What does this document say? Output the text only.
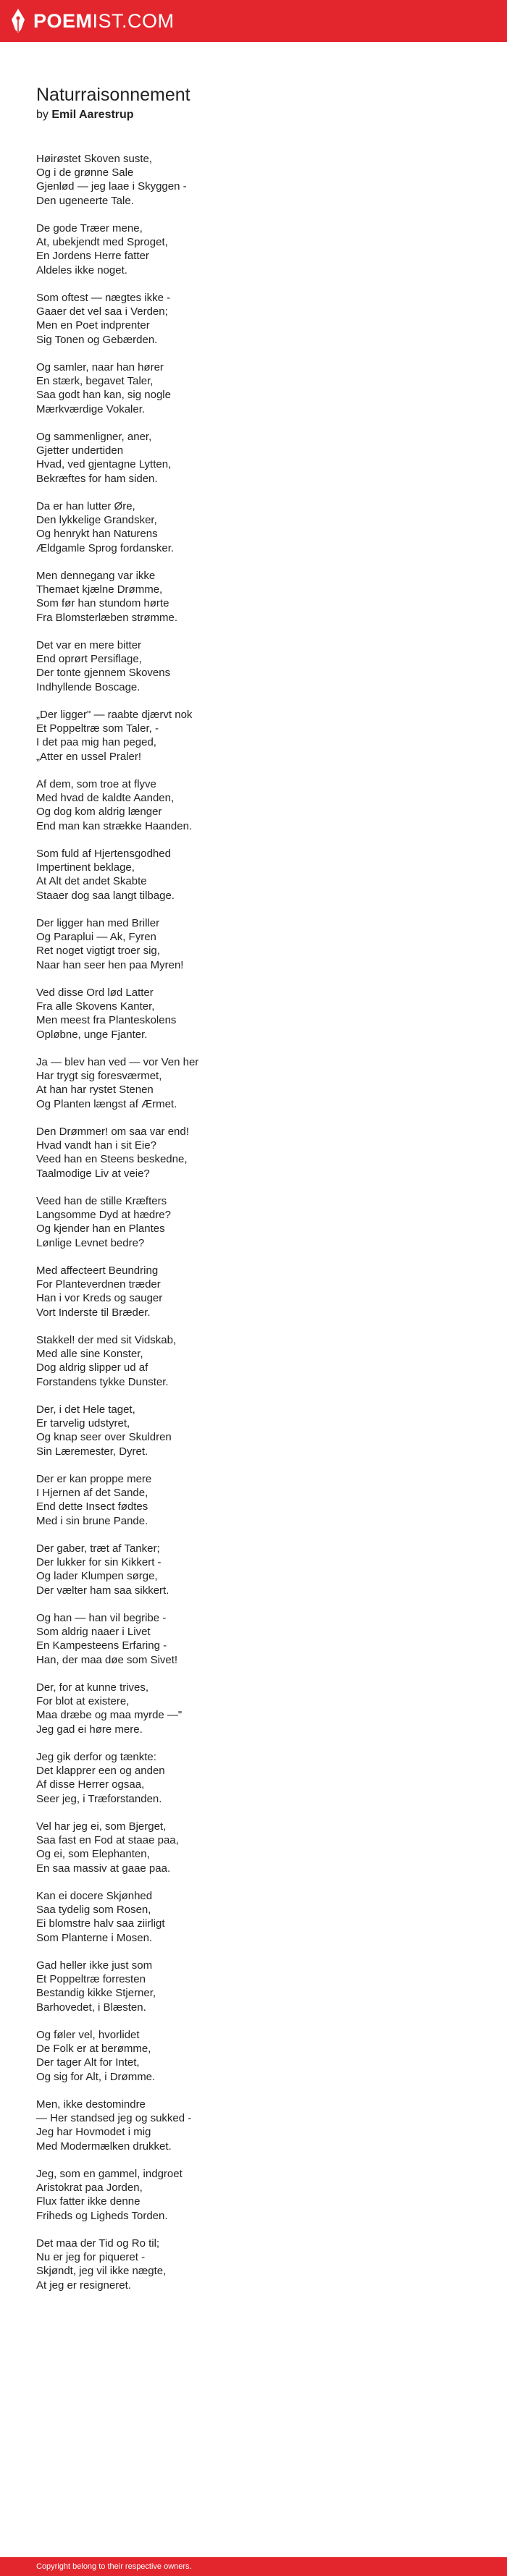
POEMIST.COM
Naturraisonnement
by Emil Aarestrup
Høirøstet Skoven suste,
Og i de grønne Sale
Gjenlød — jeg laae i Skyggen -
Den ugeneerte Tale.
De gode Træer mene,
At, ubekjendt med Sproget,
En Jordens Herre fatter
Aldeles ikke noget.
Som oftest — nægtes ikke -
Gaaer det vel saa i Verden;
Men en Poet indprenter
Sig Tonen og Gebærden.
Og samler, naar han hører
En stærk, begavet Taler,
Saa godt han kan, sig nogle
Mærkværdige Vokaler.
Og sammenligner, aner,
Gjetter undertiden
Hvad, ved gjentagne Lytten,
Bekræftes for ham siden.
Da er han lutter Øre,
Den lykkelige Grandsker,
Og henrykt han Naturens
Ældgamle Sprog fordansker.
Men dennegang var ikke
Themaet kjælne Drømme,
Som før han stundom hørte
Fra Blomsterlæben strømme.
Det var en mere bitter
End oprørt Persiflage,
Der tonte gjennem Skovens
Indhyllende Boscage.
„Der ligger" — raabte djærvt nok
Et Poppeltræ som Taler, -
I det paa mig han peged,
„Atter en ussel Praler!
Af dem, som troe at flyve
Med hvad de kaldte Aanden,
Og dog kom aldrig længer
End man kan strække Haanden.
Som fuld af Hjertensgodhed
Impertinent beklage,
At Alt det andet Skabte
Staaer dog saa langt tilbage.
Der ligger han med Briller
Og Paraplui — Ak, Fyren
Ret noget vigtigt troer sig,
Naar han seer hen paa Myren!
Ved disse Ord lød Latter
Fra alle Skovens Kanter,
Men meest fra Planteskolens
Opløbne, unge Fjanter.
Ja — blev han ved — vor Ven her
Har trygt sig foresværmet,
At han har rystet Stenen
Og Planten længst af Ærmet.
Den Drømmer! om saa var end!
Hvad vandt han i sit Eie?
Veed han en Steens beskedne,
Taalmodige Liv at veie?
Veed han de stille Kræfters
Langsomme Dyd at hædre?
Og kjender han en Plantes
Lønlige Levnet bedre?
Med affecteert Beundring
For Planteverdnen træder
Han i vor Kreds og sauger
Vort Inderste til Bræder.
Stakkel! der med sit Vidskab,
Med alle sine Konster,
Dog aldrig slipper ud af
Forstandens tykke Dunster.
Der, i det Hele taget,
Er tarvelig udstyret,
Og knap seer over Skuldren
Sin Læremester, Dyret.
Der er kan proppe mere
I Hjernen af det Sande,
End dette Insect fødtes
Med i sin brune Pande.
Der gaber, træt af Tanker;
Der lukker for sin Kikkert -
Og lader Klumpen sørge,
Der vælter ham saa sikkert.
Og han — han vil begribe -
Som aldrig naaer i Livet
En Kampesteens Erfaring -
Han, der maa døe som Sivet!
Der, for at kunne trives,
For blot at existere,
Maa dræbe og maa myrde —"
Jeg gad ei høre mere.
Jeg gik derfor og tænkte:
Det klapprer een og anden
Af disse Herrer ogsaa,
Seer jeg, i Træforstanden.
Vel har jeg ei, som Bjerget,
Saa fast en Fod at staae paa,
Og ei, som Elephanten,
En saa massiv at gaae paa.
Kan ei docere Skjønhed
Saa tydelig som Rosen,
Ei blomstre halv saa ziirligt
Som Planterne i Mosen.
Gad heller ikke just som
Et Poppeltræ forresten
Bestandig kikke Stjerner,
Barhovedet, i Blæsten.
Og føler vel, hvorlidet
De Folk er at berømme,
Der tager Alt for Intet,
Og sig for Alt, i Drømme.
Men, ikke destomindre
— Her standsed jeg og sukked -
Jeg har Hovmodet i mig
Med Modermælken drukket.
Jeg, som en gammel, indgroet
Aristokrat paa Jorden,
Flux fatter ikke denne
Friheds og Ligheds Torden.
Det maa der Tid og Ro til;
Nu er jeg for piqueret -
Skjøndt, jeg vil ikke nægte,
At jeg er resigneret.
Copyright belong to their respective owners.
